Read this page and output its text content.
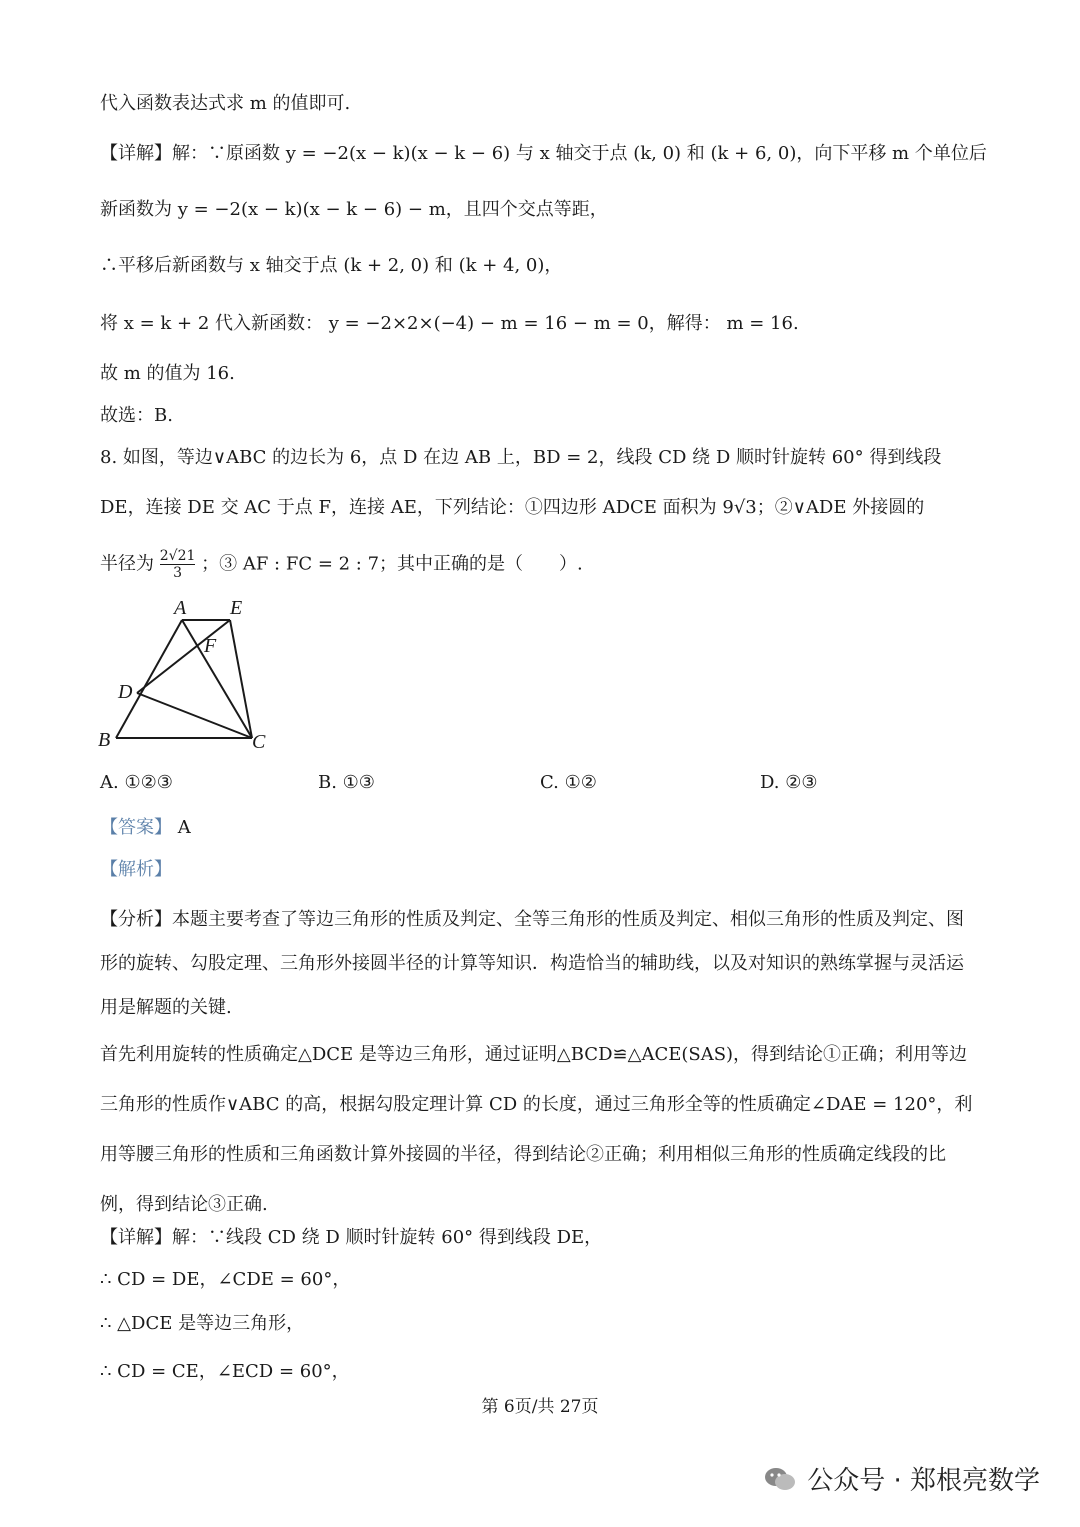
代入函数表达式求 m 的值即可.
【详解】解：∵原函数 y = −2(x − k)(x − k − 6) 与 x 轴交于点 (k, 0) 和 (k + 6, 0)，向下平移 m 个单位后
新函数为 y = −2(x − k)(x − k − 6) − m，且四个交点等距，
∴平移后新函数与 x 轴交于点 (k + 2, 0) 和 (k + 4, 0)，
将 x = k + 2 代入新函数： y = −2×2×(−4) − m = 16 − m = 0，解得： m = 16.
故 m 的值为 16.
故选：B.
8. 如图，等边∨ABC 的边长为 6，点 D 在边 AB 上，BD = 2，线段 CD 绕 D 顺时针旋转 60° 得到线段
DE，连接 DE 交 AC 于点 F，连接 AE，下列结论：①四边形 ADCE 面积为 9√3；②∨ADE 外接圆的
半径为 $\frac{2√21}{3}$ ；③ AF : FC = 2 : 7；其中正确的是（　　）.
A E
F
D
B	C
A. ①②③	B. ①③	C. ①②	D. ②③
【答案】 A
【解析】
【分析】本题主要考查了等边三角形的性质及判定、全等三角形的性质及判定、相似三角形的性质及判定、图形的旋转、勾股定理、三角形外接圆半径的计算等知识．构造恰当的辅助线，以及对知识的熟练掌握与灵活运用是解题的关键.
首先利用旋转的性质确定△DCE 是等边三角形，通过证明△BCD≌△ACE(SAS)，得到结论①正确；利用等边三角形的性质作∨ABC 的高，根据勾股定理计算 CD 的长度，通过三角形全等的性质确定∠DAE = 120°，利用等腰三角形的性质和三角函数计算外接圆的半径，得到结论②正确；利用相似三角形的性质确定线段的比例，得到结论③正确.
【详解】解：∵线段 CD 绕 D 顺时针旋转 60° 得到线段 DE，
∴ CD = DE，∠CDE = 60°，
∴ △DCE 是等边三角形，
∴ CD = CE，∠ECD = 60°，
第 6页/共 27页
公众号 · 郑根亮数学
